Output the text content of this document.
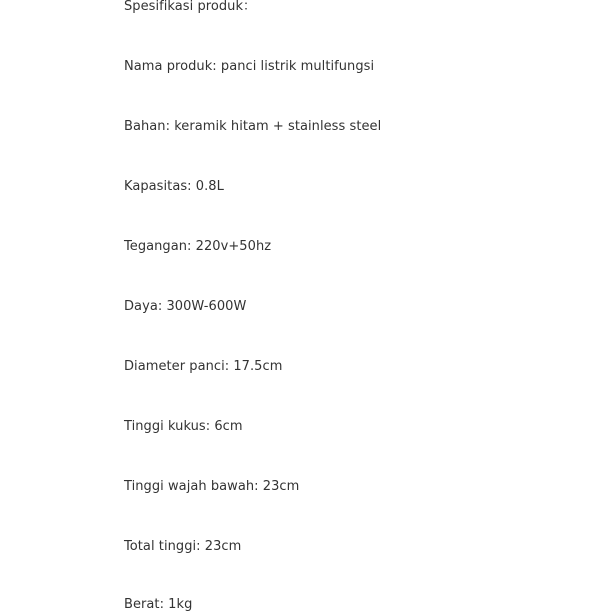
Spesifikasi produk：
Nama produk: panci listrik multifungsi
Bahan: keramik hitam + stainless steel
Kapasitas: 0.8L
Tegangan: 220v+50hz
Daya: 300W-600W
Diameter panci: 17.5cm
Tinggi kukus: 6cm
Tinggi wajah bawah: 23cm
Total tinggi: 23cm
Berat: 1kg
